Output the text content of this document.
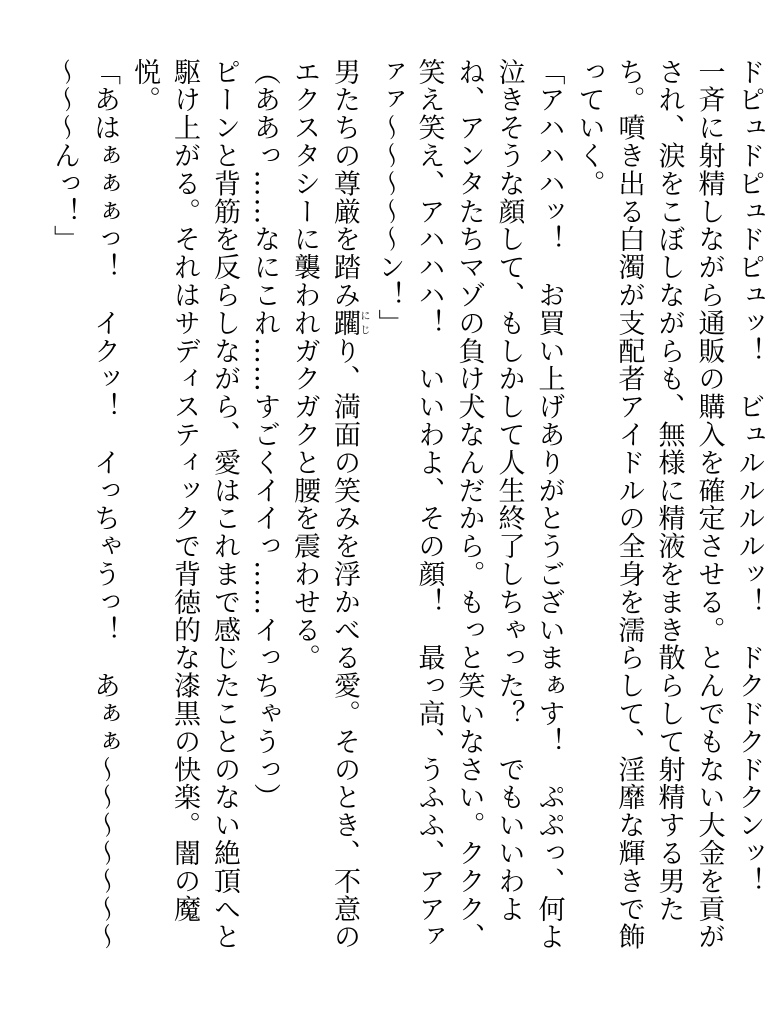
ドピュドピュドピュッ！　ビュルルルルッ！　ドクドクドクンッ！

一斉に射精しながら通販の購入を確定させる。とんでもない大金を貢がされ、涙をこぼしながらも、無様に精液をまき散らして射精する男たち。噴き出る白濁が支配者アイドルの全身を濡らして、淫靡な輝きで飾っていく。

「アハハハッ！　お買い上げありがとうございまぁす！　ぷぷっ、何よ泣きそうな顔して、もしかして人生終了しちゃった？　でもいいわよね、アンタたちマゾの負け犬なんだから。もっと笑いなさい。ククク、笑え笑え、アハハハ！　いいわよ、その顔！　最っ高、うふふ、アアァァァ～～～～～ン！」

男たちの尊厳を踏み躙にじり、満面の笑みを浮かべる愛。そのとき、不意のエクスタシーに襲われガクガクと腰を震わせる。

（ああっ……なにこれ……すごくイイっ……イっちゃうっ）

ピーンと背筋を反らしながら、愛はこれまで感じたことのない絶頂へと駆け上がる。それはサディスティックで背徳的な漆黒の快楽。闇の魔悦。

「あはぁぁぁっ！　イクッ！　イっちゃうっ！　あぁぁ～～～～～～～～～～んっ！」
